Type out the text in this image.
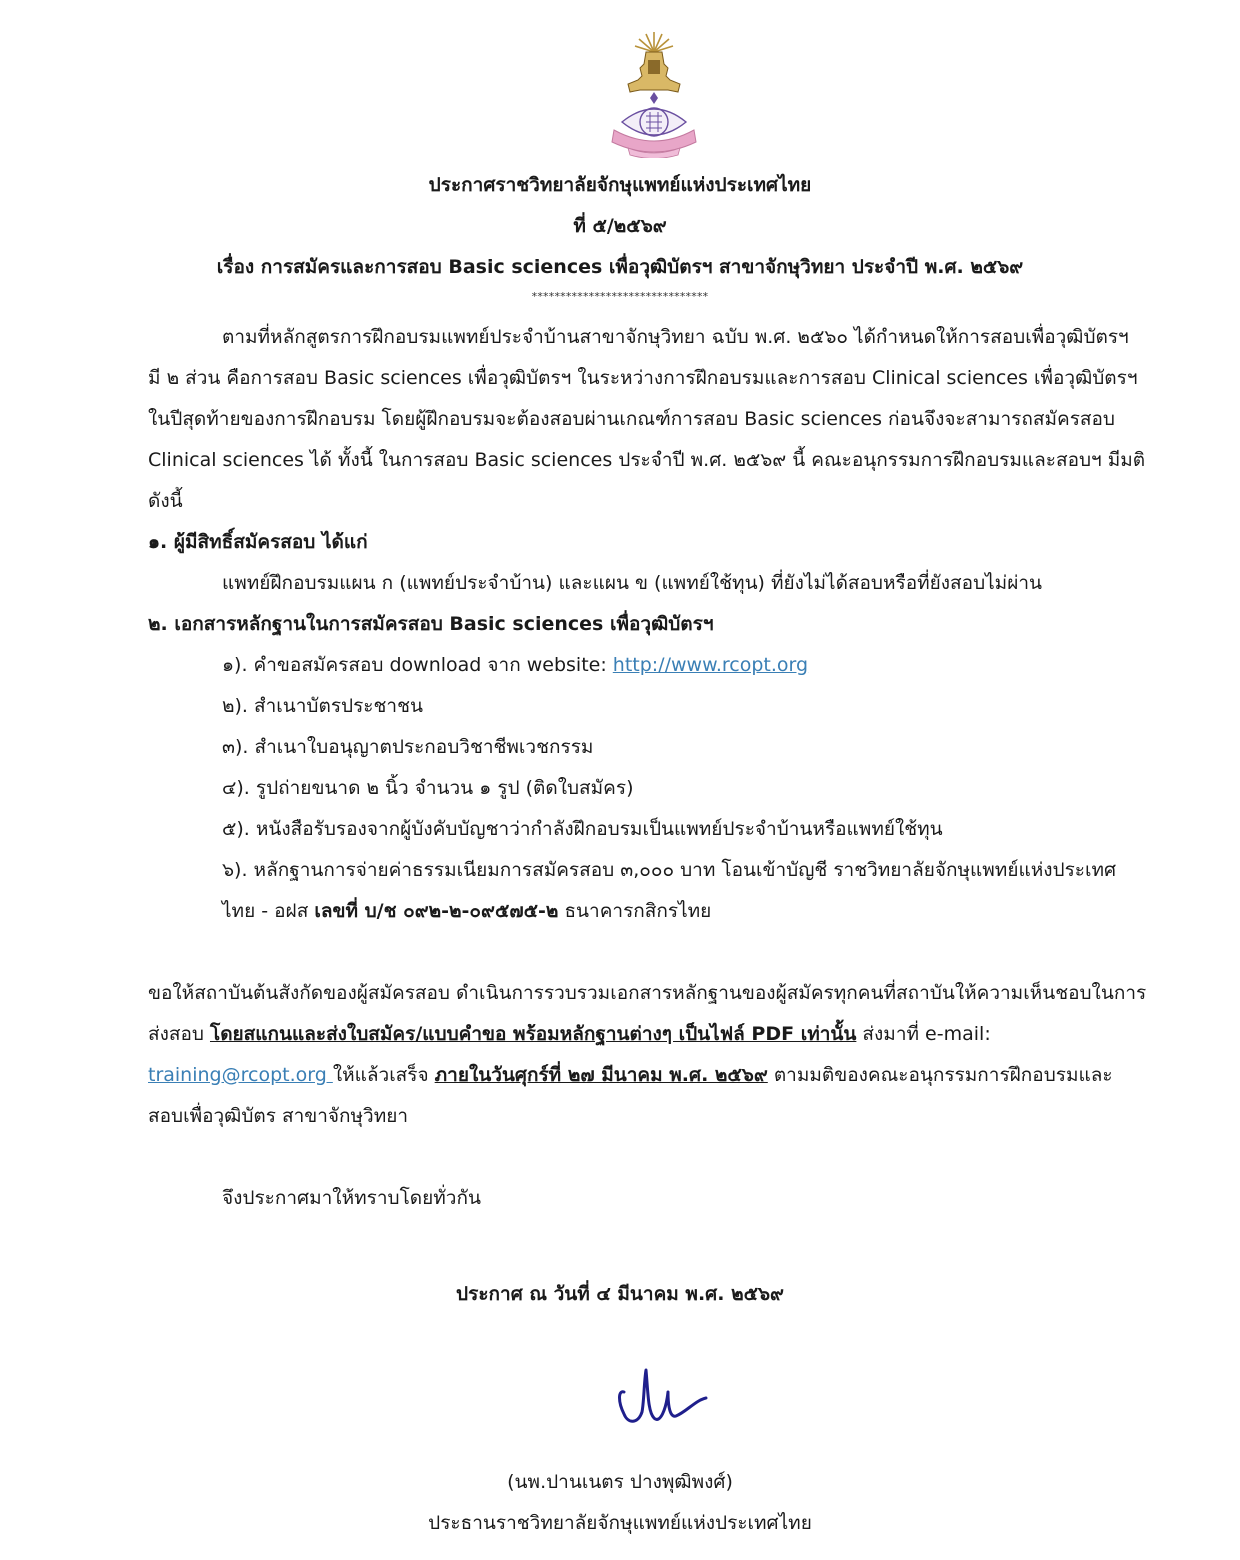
ประกาศราชวิทยาลัยจักษุแพทย์แห่งประเทศไทย
ที่ ๕/๒๕๖๙
เรื่อง การสมัครและการสอบ Basic sciences เพื่อวุฒิบัตรฯ สาขาจักษุวิทยา ประจำปี พ.ศ. ๒๕๖๙
*******************************
ตามที่หลักสูตรการฝึกอบรมแพทย์ประจำบ้านสาขาจักษุวิทยา ฉบับ พ.ศ. ๒๕๖๐ ได้กำหนดให้การสอบเพื่อวุฒิบัตรฯ
มี ๒ ส่วน คือการสอบ Basic sciences เพื่อวุฒิบัตรฯ ในระหว่างการฝึกอบรมและการสอบ Clinical sciences เพื่อวุฒิบัตรฯ
ในปีสุดท้ายของการฝึกอบรม โดยผู้ฝึกอบรมจะต้องสอบผ่านเกณฑ์การสอบ Basic sciences ก่อนจึงจะสามารถสมัครสอบ
Clinical sciences ได้ ทั้งนี้ ในการสอบ Basic sciences ประจำปี พ.ศ. ๒๕๖๙ นี้ คณะอนุกรรมการฝึกอบรมและสอบฯ มีมติ
ดังนี้
๑. ผู้มีสิทธิ์สมัครสอบ ได้แก่
แพทย์ฝึกอบรมแผน ก (แพทย์ประจำบ้าน) และแผน ข (แพทย์ใช้ทุน) ที่ยังไม่ได้สอบหรือที่ยังสอบไม่ผ่าน
๒. เอกสารหลักฐานในการสมัครสอบ Basic sciences เพื่อวุฒิบัตรฯ
๑). คำขอสมัครสอบ download จาก website: http://www.rcopt.org
๒). สำเนาบัตรประชาชน
๓). สำเนาใบอนุญาตประกอบวิชาชีพเวชกรรม
๔). รูปถ่ายขนาด ๒ นิ้ว จำนวน ๑ รูป (ติดใบสมัคร)
๕). หนังสือรับรองจากผู้บังคับบัญชาว่ากำลังฝึกอบรมเป็นแพทย์ประจำบ้านหรือแพทย์ใช้ทุน
๖). หลักฐานการจ่ายค่าธรรมเนียมการสมัครสอบ ๓,๐๐๐ บาท โอนเข้าบัญชี ราชวิทยาลัยจักษุแพทย์แห่งประเทศ
ไทย - อฝส เลขที่ บ/ช ๐๙๒-๒-๐๙๕๗๕-๒ ธนาคารกสิกรไทย
ขอให้สถาบันต้นสังกัดของผู้สมัครสอบ ดำเนินการรวบรวมเอกสารหลักฐานของผู้สมัครทุกคนที่สถาบันให้ความเห็นชอบในการ
ส่งสอบ โดยสแกนและส่งใบสมัคร/แบบคำขอ พร้อมหลักฐานต่างๆ เป็นไฟล์ PDF เท่านั้น ส่งมาที่ e-mail:
training@rcopt.org ให้แล้วเสร็จ ภายในวันศุกร์ที่ ๒๗ มีนาคม พ.ศ. ๒๕๖๙ ตามมติของคณะอนุกรรมการฝึกอบรมและ
สอบเพื่อวุฒิบัตร สาขาจักษุวิทยา
จึงประกาศมาให้ทราบโดยทั่วกัน
ประกาศ ณ วันที่ ๔ มีนาคม พ.ศ. ๒๕๖๙
(นพ.ปานเนตร ปางพุฒิพงศ์)
ประธานราชวิทยาลัยจักษุแพทย์แห่งประเทศไทย
